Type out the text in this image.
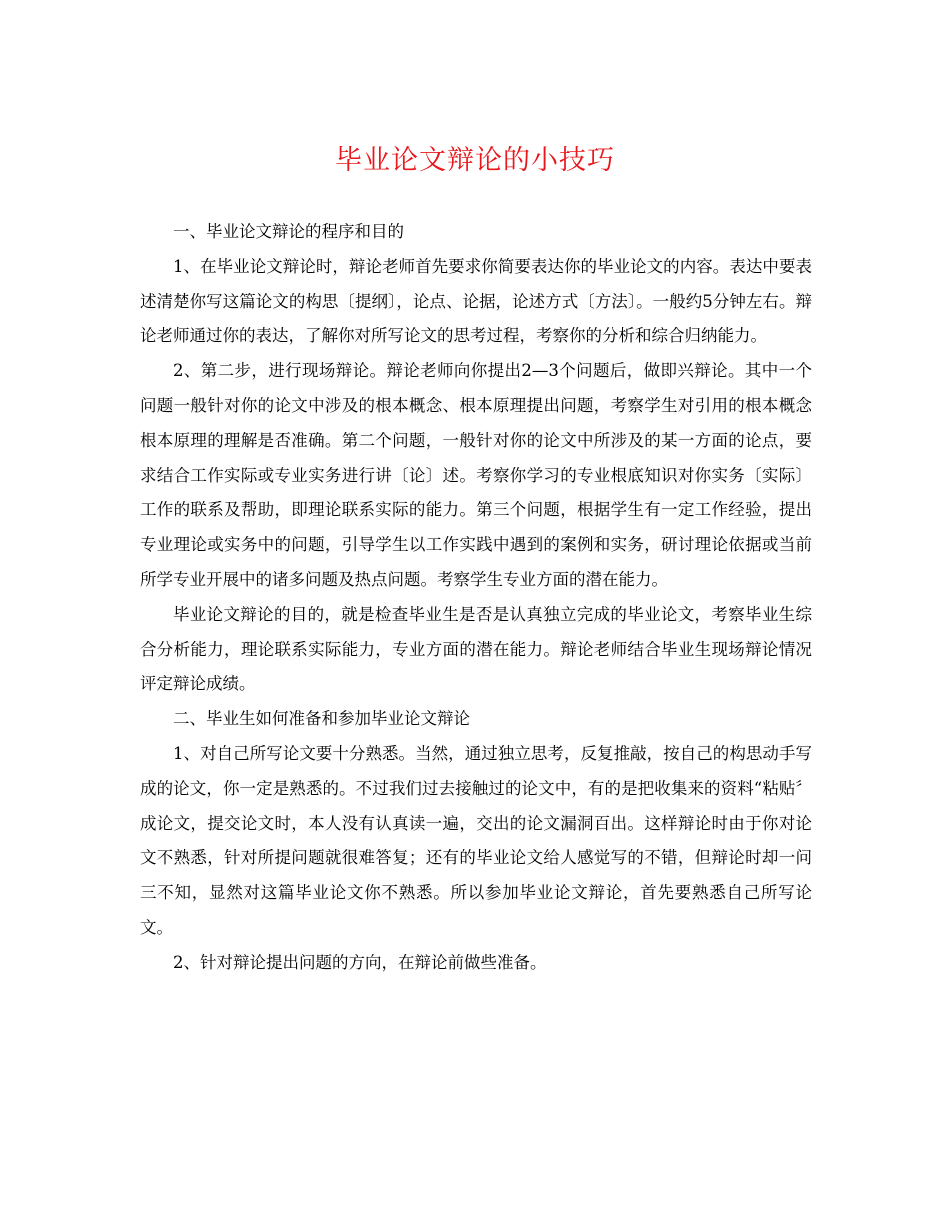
毕业论文辩论的小技巧

一、毕业论文辩论的程序和目的

1、在毕业论文辩论时，辩论老师首先要求你简要表达你的毕业论文的内容。表达中要表述清楚你写这篇论文的构思〔提纲〕，论点、论据，论述方式〔方法〕。一般约5分钟左右。辩论老师通过你的表达，了解你对所写论文的思考过程，考察你的分析和综合归纳能力。

2、第二步，进行现场辩论。辩论老师向你提出2—3个问题后，做即兴辩论。其中一个问题一般针对你的论文中涉及的根本概念、根本原理提出问题，考察学生对引用的根本概念根本原理的理解是否准确。第二个问题，一般针对你的论文中所涉及的某一方面的论点，要求结合工作实际或专业实务进行讲〔论〕述。考察你学习的专业根底知识对你实务〔实际〕工作的联系及帮助，即理论联系实际的能力。第三个问题，根据学生有一定工作经验，提出专业理论或实务中的问题，引导学生以工作实践中遇到的案例和实务，研讨理论依据或当前所学专业开展中的诸多问题及热点问题。考察学生专业方面的潜在能力。

毕业论文辩论的目的，就是检查毕业生是否是认真独立完成的毕业论文，考察毕业生综合分析能力，理论联系实际能力，专业方面的潜在能力。辩论老师结合毕业生现场辩论情况评定辩论成绩。

二、毕业生如何准备和参加毕业论文辩论

1、对自己所写论文要十分熟悉。当然，通过独立思考，反复推敲，按自己的构思动手写成的论文，你一定是熟悉的。不过我们过去接触过的论文中，有的是把收集来的资料“粘贴〞成论文，提交论文时，本人没有认真读一遍，交出的论文漏洞百出。这样辩论时由于你对论文不熟悉，针对所提问题就很难答复；还有的毕业论文给人感觉写的不错，但辩论时却一问三不知，显然对这篇毕业论文你不熟悉。所以参加毕业论文辩论，首先要熟悉自己所写论文。

2、针对辩论提出问题的方向，在辩论前做些准备。
